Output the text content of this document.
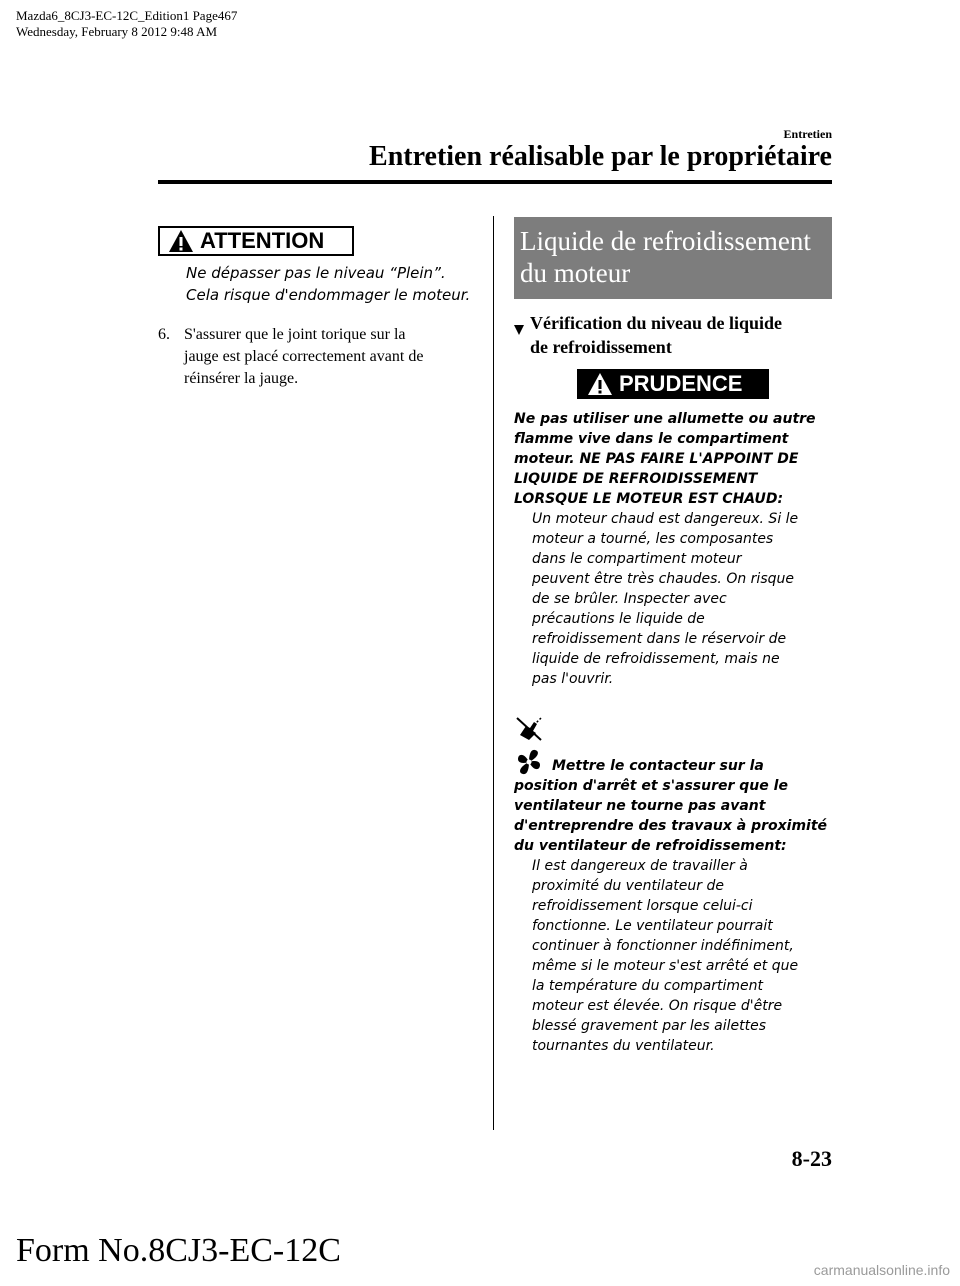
Mazda6_8CJ3-EC-12C_Edition1 Page467
Wednesday, February 8 2012 9:48 AM
Entretien
Entretien réalisable par le propriétaire
ATTENTION
Ne dépasser pas le niveau “Plein”.
Cela risque d'endommager le moteur.
6. S'assurer que le joint torique sur la
jauge est placé correctement avant de
réinsérer la jauge.
Liquide de refroidissement
du moteur
Vérification du niveau de liquide
de refroidissement
PRUDENCE
Ne pas utiliser une allumette ou autre
flamme vive dans le compartiment
moteur. NE PAS FAIRE L'APPOINT DE
LIQUIDE DE REFROIDISSEMENT
LORSQUE LE MOTEUR EST CHAUD:
Un moteur chaud est dangereux. Si le
moteur a tourné, les composantes
dans le compartiment moteur
peuvent être très chaudes. On risque
de se brûler. Inspecter avec
précautions le liquide de
refroidissement dans le réservoir de
liquide de refroidissement, mais ne
pas l'ouvrir.
Mettre le contacteur sur la
position d'arrêt et s'assurer que le
ventilateur ne tourne pas avant
d'entreprendre des travaux à proximité
du ventilateur de refroidissement:
Il est dangereux de travailler à
proximité du ventilateur de
refroidissement lorsque celui-ci
fonctionne. Le ventilateur pourrait
continuer à fonctionner indéfiniment,
même si le moteur s'est arrêté et que
la température du compartiment
moteur est élevée. On risque d'être
blessé gravement par les ailettes
tournantes du ventilateur.
8-23
Form No.8CJ3-EC-12C
carmanualsonline.info
